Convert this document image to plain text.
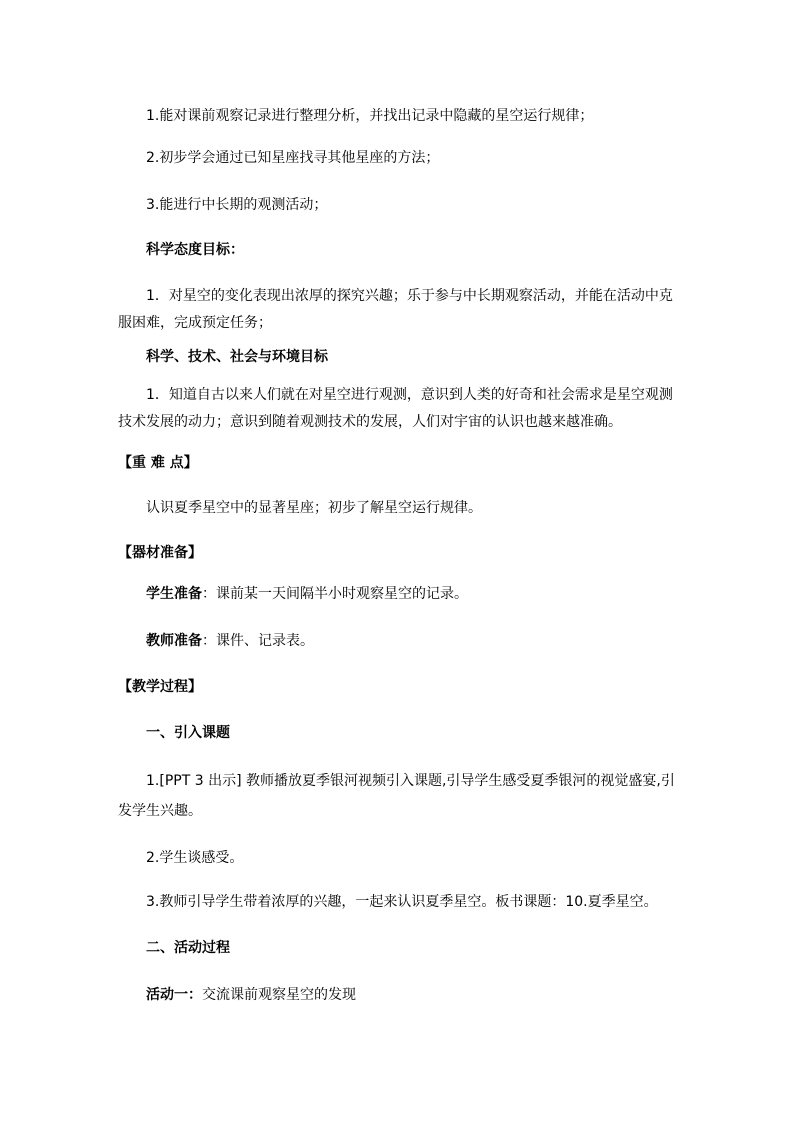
1.能对课前观察记录进行整理分析，并找出记录中隐藏的星空运行规律；
2.初步学会通过已知星座找寻其他星座的方法；
3.能进行中长期的观测活动；
科学态度目标：
1．对星空的变化表现出浓厚的探究兴趣；乐于参与中长期观察活动，并能在活动中克服困难，完成预定任务；
科学、技术、社会与环境目标
1．知道自古以来人们就在对星空进行观测，意识到人类的好奇和社会需求是星空观测技术发展的动力；意识到随着观测技术的发展，人们对宇宙的认识也越来越准确。
【重 难 点】
认识夏季星空中的显著星座；初步了解星空运行规律。
【器材准备】
学生准备：课前某一天间隔半小时观察星空的记录。
教师准备：课件、记录表。
【教学过程】
一、引入课题
1.[PPT 3 出示] 教师播放夏季银河视频引入课题,引导学生感受夏季银河的视觉盛宴,引发学生兴趣。
2.学生谈感受。
3.教师引导学生带着浓厚的兴趣，一起来认识夏季星空。板书课题：10.夏季星空。
二、活动过程
活动一：交流课前观察星空的发现
